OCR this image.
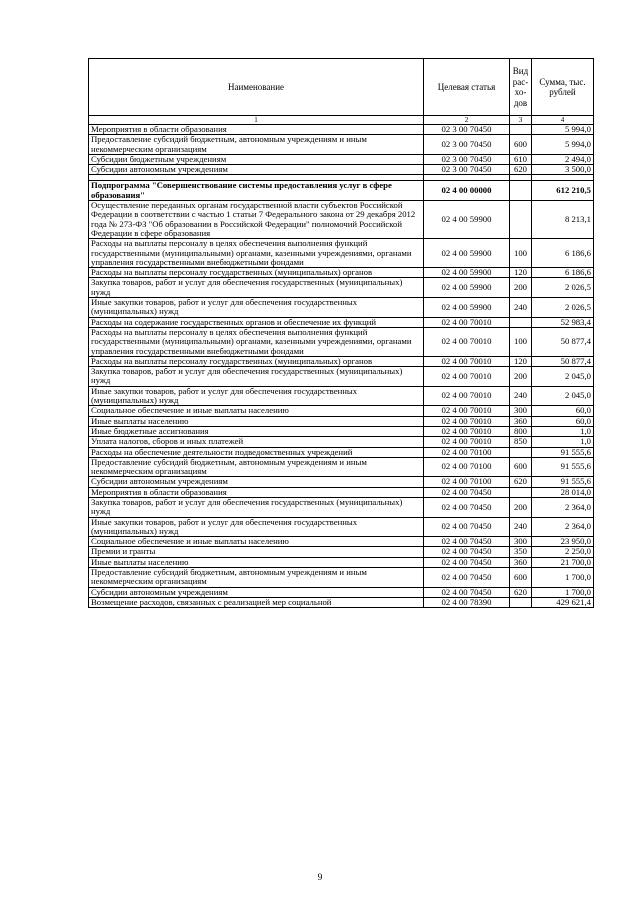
Наименование	Целевая статья	Вид рас- хо- дов	Сумма, тыс. рублей
1	2	3	4
Мероприятия в области образования	02 3 00 70450		5 994,0
Предоставление субсидий бюджетным, автономным учреждениям и иным некоммерческим организациям	02 3 00 70450	600	5 994,0
Субсидии бюджетным учреждениям	02 3 00 70450	610	2 494,0
Субсидии автономным учреждениям	02 3 00 70450	620	3 500,0

Подпрограмма "Совершенствование системы предоставления услуг в сфере образования"	02 4 00 00000		612 210,5
Осуществление переданных органам государственной власти субъектов Российской Федерации в соответствии с частью 1 статьи 7 Федерального закона от 29 декабря 2012 года № 273-ФЗ "Об образовании в Российской Федерации" полномочий Российской Федерации в сфере образования	02 4 00 59900		8 213,1
Расходы на выплаты персоналу в целях обеспечения выполнения функций государственными (муниципальными) органами, казенными учреждениями, органами управления государственными внебюджетными фондами	02 4 00 59900	100	6 186,6
Расходы на выплаты персоналу государственных (муниципальных) органов	02 4 00 59900	120	6 186,6
Закупка товаров, работ и услуг для обеспечения государственных (муниципальных) нужд	02 4 00 59900	200	2 026,5
Иные закупки товаров, работ и услуг для обеспечения государственных (муниципальных) нужд	02 4 00 59900	240	2 026,5
Расходы на содержание государственных органов и обеспечение их функций	02 4 00 70010		52 983,4
Расходы на выплаты персоналу в целях обеспечения выполнения функций государственными (муниципальными) органами, казенными учреждениями, органами управления государственными внебюджетными фондами	02 4 00 70010	100	50 877,4
Расходы на выплаты персоналу государственных (муниципальных) органов	02 4 00 70010	120	50 877,4
Закупка товаров, работ и услуг для обеспечения государственных (муниципальных) нужд	02 4 00 70010	200	2 045,0
Иные закупки товаров, работ и услуг для обеспечения государственных (муниципальных) нужд	02 4 00 70010	240	2 045,0
Социальное обеспечение и иные выплаты населению	02 4 00 70010	300	60,0
Иные выплаты населению	02 4 00 70010	360	60,0
Иные бюджетные ассигнования	02 4 00 70010	800	1,0
Уплата налогов, сборов и иных платежей	02 4 00 70010	850	1,0
Расходы на обеспечение деятельности подведомственных учреждений	02 4 00 70100		91 555,6
Предоставление субсидий бюджетным, автономным учреждениям и иным некоммерческим организациям	02 4 00 70100	600	91 555,6
Субсидии автономным учреждениям	02 4 00 70100	620	91 555,6
Мероприятия в области образования	02 4 00 70450		28 014,0
Закупка товаров, работ и услуг для обеспечения государственных (муниципальных) нужд	02 4 00 70450	200	2 364,0
Иные закупки товаров, работ и услуг для обеспечения государственных (муниципальных) нужд	02 4 00 70450	240	2 364,0
Социальное обеспечение и иные выплаты населению	02 4 00 70450	300	23 950,0
Премии и гранты	02 4 00 70450	350	2 250,0
Иные выплаты населению	02 4 00 70450	360	21 700,0
Предоставление субсидий бюджетным, автономным учреждениям и иным некоммерческим организациям	02 4 00 70450	600	1 700,0
Субсидии автономным учреждениям	02 4 00 70450	620	1 700,0
Возмещение расходов, связанных с реализацией мер социальной	02 4 00 78390		429 621,4
9
